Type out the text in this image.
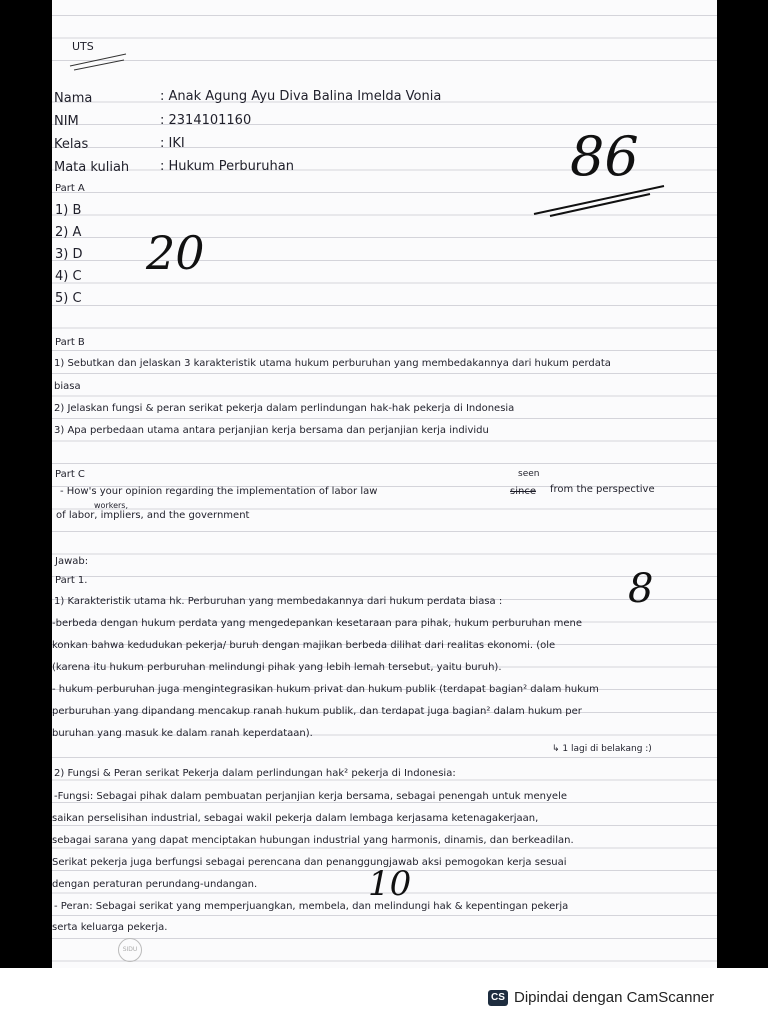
UTS
Nama	: Anak Agung Ayu Diva Balina Imelda Vonia
NIM	: 2314101160
Kelas	: IKI
Mata kuliah : Hukum Perburuhan	86
Part A
1) B
2) A
3) D
4) C
5) C
20
Part B
1) Sebutkan dan jelaskan 3 karakteristik utama hukum perburuhan yang membedakannya dari hukum perdata
biasa
2) Jelaskan fungsi & peran serikat pekerja dalam perlindungan hak-hak pekerja di Indonesia
3) Apa perbedaan utama antara perjanjian kerja bersama dan perjanjian kerja individu
Part C	seen
- How's your opinion regarding the implementation of labor law	since from the perspective
workers,
of labor, impliers, and the government
Jawab:
Part 1.	8
1) Karakteristik utama hk. Perburuhan yang membedakannya dari hukum perdata biasa :
-berbeda dengan hukum perdata yang mengedepankan kesetaraan para pihak, hukum perburuhan mene
konkan bahwa kedudukan pekerja/ buruh dengan majikan berbeda dilihat dari realitas ekonomi. (ole
(karena itu hukum perburuhan melindungi pihak yang lebih lemah tersebut, yaitu buruh).
- hukum perburuhan juga mengintegrasikan hukum privat dan hukum publik (terdapat bagian² dalam hukum
perburuhan yang dipandang mencakup ranah hukum publik, dan terdapat juga bagian² dalam hukum per
buruhan yang masuk ke dalam ranah keperdataan).
↳ 1 lagi di belakang :)
2) Fungsi & Peran serikat Pekerja dalam perlindungan hak² pekerja di Indonesia:
-Fungsi: Sebagai pihak dalam pembuatan perjanjian kerja bersama, sebagai penengah untuk menyele
saikan perselisihan industrial, sebagai wakil pekerja dalam lembaga kerjasama ketenagakerjaan,
sebagai sarana yang dapat menciptakan hubungan industrial yang harmonis, dinamis, dan berkeadilan.
Serikat pekerja juga berfungsi sebagai perencana dan penanggungjawab aksi pemogokan kerja sesuai
dengan peraturan perundang-undangan.	10
- Peran: Sebagai serikat yang memperjuangkan, membela, dan melindungi hak & kepentingan pekerja
serta keluarga pekerja.
SIDU
CS Dipindai dengan CamScanner
